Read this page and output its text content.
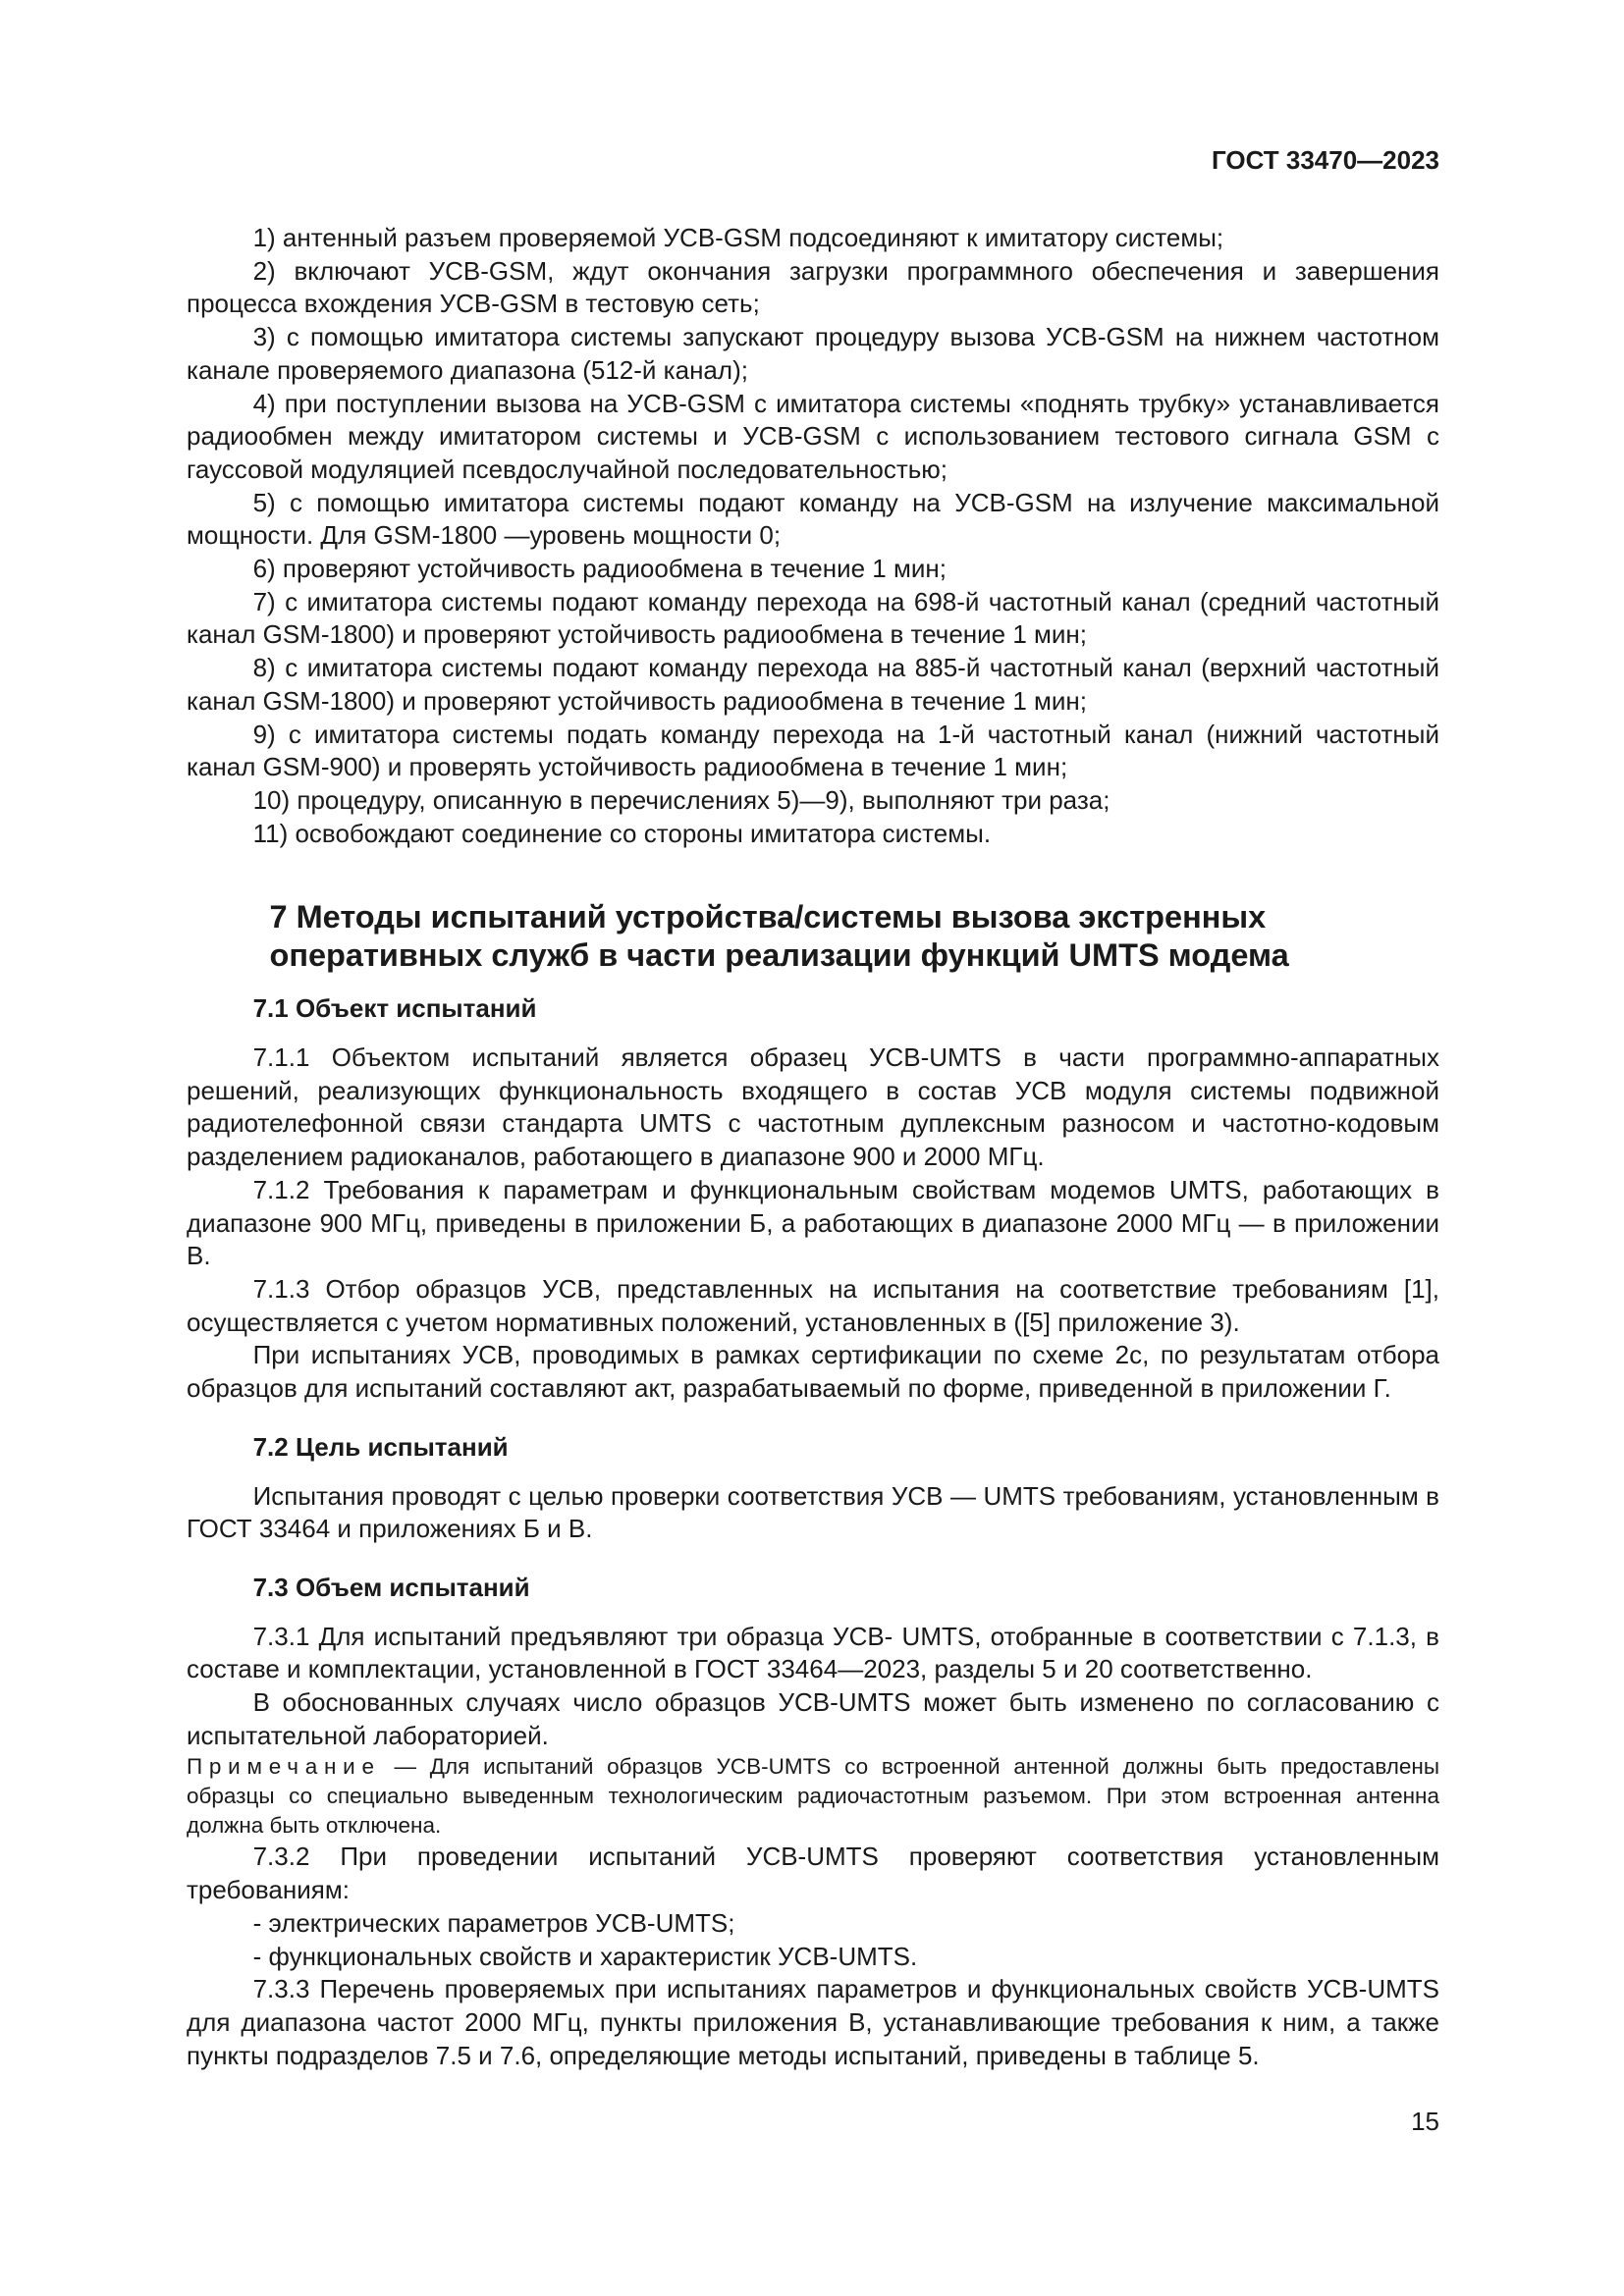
ГОСТ 33470—2023

1) антенный разъем проверяемой УСВ-GSM подсоединяют к имитатору системы;

2) включают УСВ-GSM, ждут окончания загрузки программного обеспечения и завершения процесса вхождения УСВ-GSM в тестовую сеть;

3) с помощью имитатора системы запускают процедуру вызова УСВ-GSM на нижнем частотном канале проверяемого диапазона (512-й канал);

4) при поступлении вызова на УСВ-GSM с имитатора системы «поднять трубку» устанавливается радиообмен между имитатором системы и УСВ-GSM с использованием тестового сигнала GSM с гауссовой модуляцией псевдослучайной последовательностью;

5) с помощью имитатора системы подают команду на УСВ-GSM на излучение максимальной мощности. Для GSM-1800 —уровень мощности 0;

6) проверяют устойчивость радиообмена в течение 1 мин;

7) с имитатора системы подают команду перехода на 698-й частотный канал (средний частотный канал GSM-1800) и проверяют устойчивость радиообмена в течение 1 мин;

8) с имитатора системы подают команду перехода на 885-й частотный канал (верхний частотный канал GSM-1800) и проверяют устойчивость радиообмена в течение 1 мин;

9) с имитатора системы подать команду перехода на 1-й частотный канал (нижний частотный канал GSM-900) и проверять устойчивость радиообмена в течение 1 мин;

10) процедуру, описанную в перечислениях 5)—9), выполняют три раза;

11) освобождают соединение со стороны имитатора системы.

7 Методы испытаний устройства/системы вызова экстренных
оперативных служб в части реализации функций UMTS модема
7.1 Объект испытаний

7.1.1 Объектом испытаний является образец УСВ-UMTS в части программно-аппаратных решений, реализующих функциональность входящего в состав УСВ модуля системы подвижной радиотелефонной связи стандарта UMTS с частотным дуплексным разносом и частотно-кодовым разделением радиоканалов, работающего в диапазоне 900 и 2000 МГц.

7.1.2 Требования к параметрам и функциональным свойствам модемов UMTS, работающих в диапазоне 900 МГц, приведены в приложении Б, а работающих в диапазоне 2000 МГц — в приложении В.

7.1.3 Отбор образцов УСВ, представленных на испытания на соответствие требованиям [1], осуществляется с учетом нормативных положений, установленных в ([5] приложение 3).

При испытаниях УСВ, проводимых в рамках сертификации по схеме 2с, по результатам отбора образцов для испытаний составляют акт, разрабатываемый по форме, приведенной в приложении Г.

7.2 Цель испытаний

Испытания проводят с целью проверки соответствия УСВ — UMTS требованиям, установленным в ГОСТ 33464 и приложениях Б и В.

7.3 Объем испытаний

7.3.1 Для испытаний предъявляют три образца УСВ- UMTS, отобранные в соответствии с 7.1.3, в составе и комплектации, установленной в ГОСТ 33464—2023, разделы 5 и 20 соответственно.

В обоснованных случаях число образцов УСВ-UMTS может быть изменено по согласованию с испытательной лабораторией.

Примечание — Для испытаний образцов УСВ-UMTS со встроенной антенной должны быть предоставлены образцы со специально выведенным технологическим радиочастотным разъемом. При этом встроенная антенна должна быть отключена.

7.3.2 При проведении испытаний УСВ-UMTS проверяют соответствия установленным требованиям:

- электрических параметров УСВ-UMTS;

- функциональных свойств и характеристик УСВ-UMTS.

7.3.3 Перечень проверяемых при испытаниях параметров и функциональных свойств УСВ-UMTS для диапазона частот 2000 МГц, пункты приложения В, устанавливающие требования к ним, а также пункты подразделов 7.5 и 7.6, определяющие методы испытаний, приведены в таблице 5.

15
